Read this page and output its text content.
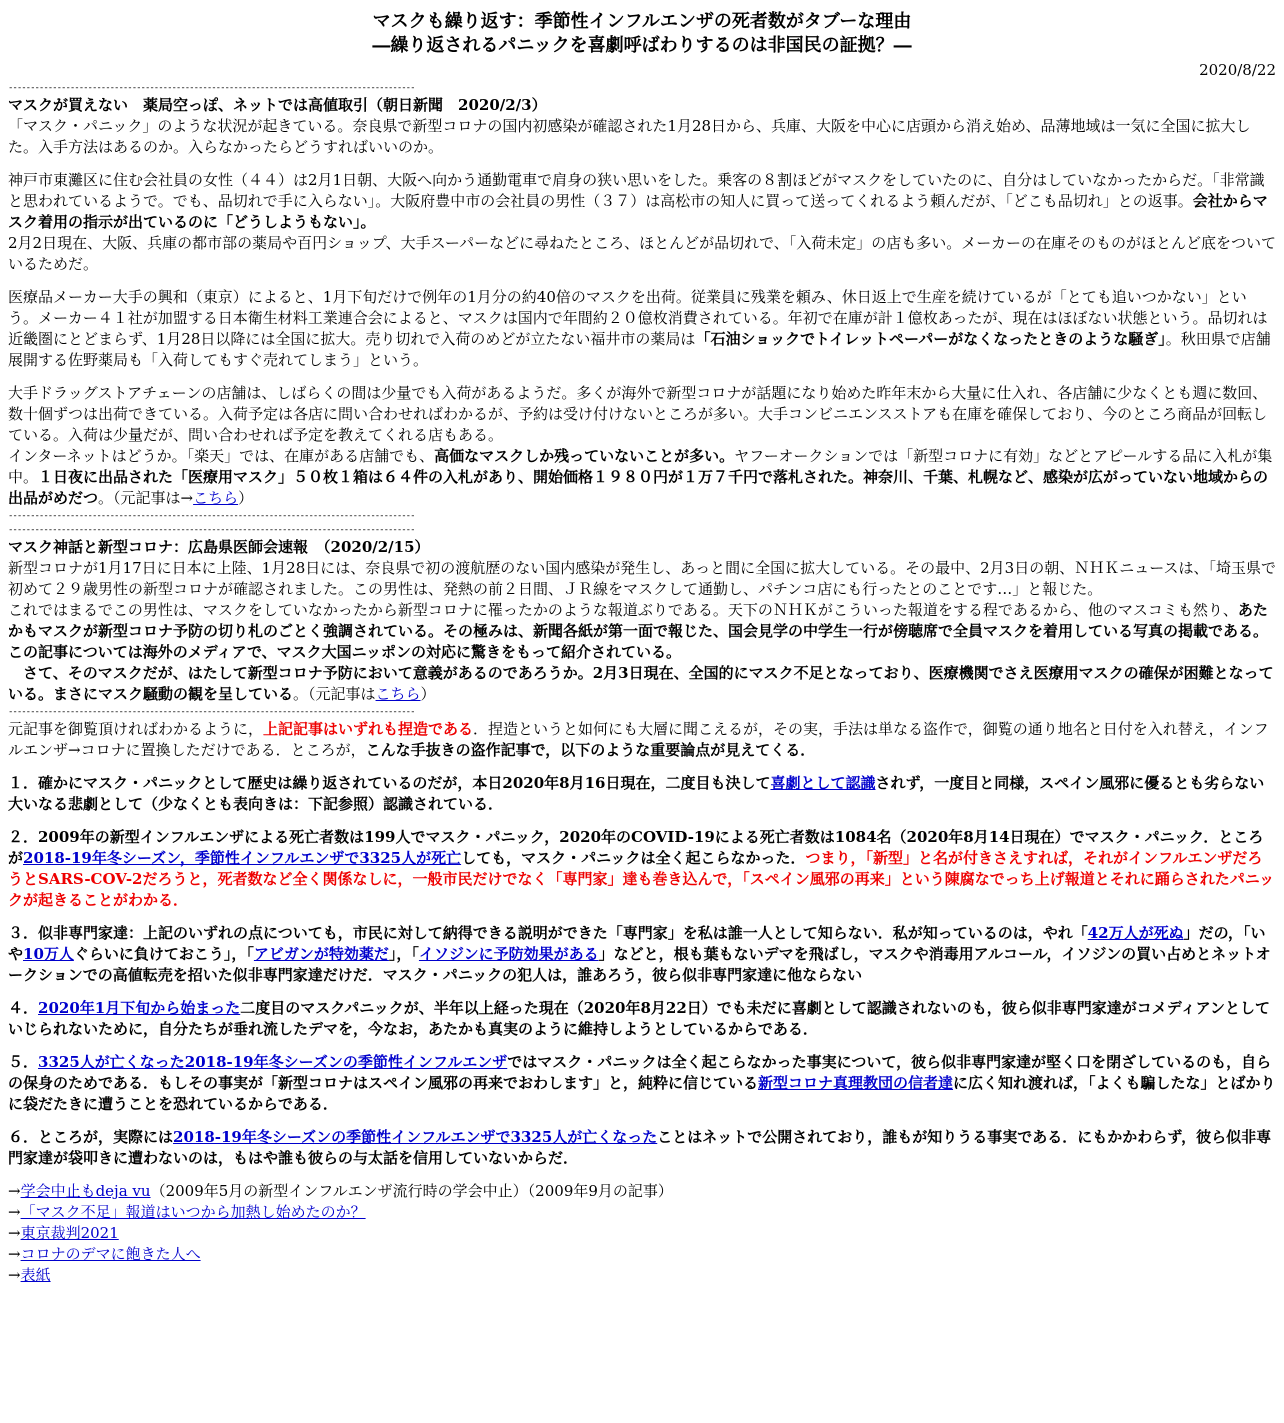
マスクも繰り返す：季節性インフルエンザの死者数がタブーな理由
―繰り返されるパニックを喜劇呼ばわりするのは非国民の証拠？―
2020/8/22
--------------------------------------------------------------------------------------------
マスクが買えない　薬局空っぽ、ネットでは高値取引（朝日新聞　2020/2/3）

「マスク・パニック」のような状況が起きている。奈良県で新型コロナの国内初感染が確認された1月28日から、兵庫、大阪を中心に店頭から消え始め、品薄地域は一気に全国に拡大した。入手方法はあるのか。入らなかったらどうすればいいのか。

神戸市東灘区に住む会社員の女性（４４）は2月1日朝、大阪へ向かう通勤電車で肩身の狭い思いをした。乗客の８割ほどがマスクをしていたのに、自分はしていなかったからだ。「非常識と思われているようで。でも、品切れで手に入らない」。大阪府豊中市の会社員の男性（３７）は高松市の知人に買って送ってくれるよう頼んだが、「どこも品切れ」との返事。会社からマスク着用の指示が出ているのに「どうしようもない」。
2月2日現在、大阪、兵庫の都市部の薬局や百円ショップ、大手スーパーなどに尋ねたところ、ほとんどが品切れで、「入荷未定」の店も多い。メーカーの在庫そのものがほとんど底をついているためだ。

医療品メーカー大手の興和（東京）によると、1月下旬だけで例年の1月分の約40倍のマスクを出荷。従業員に残業を頼み、休日返上で生産を続けているが「とても追いつかない」という。メーカー４１社が加盟する日本衛生材料工業連合会によると、マスクは国内で年間約２０億枚消費されている。年初で在庫が計１億枚あったが、現在はほぼない状態という。品切れは近畿圏にとどまらず、1月28日以降には全国に拡大。売り切れで入荷のめどが立たない福井市の薬局は「石油ショックでトイレットペーパーがなくなったときのような騒ぎ」。秋田県で店舗展開する佐野薬局も「入荷してもすぐ売れてしまう」という。

大手ドラッグストアチェーンの店舗は、しばらくの間は少量でも入荷があるようだ。多くが海外で新型コロナが話題になり始めた昨年末から大量に仕入れ、各店舗に少なくとも週に数回、数十個ずつは出荷できている。入荷予定は各店に問い合わせればわかるが、予約は受け付けないところが多い。大手コンビニエンスストアも在庫を確保しており、今のところ商品が回転している。入荷は少量だが、問い合わせれば予定を教えてくれる店もある。
インターネットはどうか。「楽天」では、在庫がある店舗でも、高価なマスクしか残っていないことが多い。ヤフーオークションでは「新型コロナに有効」などとアピールする品に入札が集中。１日夜に出品された「医療用マスク」５０枚１箱は６４件の入札があり、開始価格１９８０円が１万７千円で落札された。神奈川、千葉、札幌など、感染が広がっていない地域からの出品がめだつ。（元記事は→こちら）

--------------------------------------------------------------------------------------------
--------------------------------------------------------------------------------------------
マスク神話と新型コロナ：広島県医師会速報　（2020/2/15）
新型コロナが1月17日に日本に上陸、1月28日には、奈良県で初の渡航歴のない国内感染が発生し、あっと間に全国に拡大している。その最中、2月3日の朝、ＮＨＫニュースは、「埼玉県で初めて２９歳男性の新型コロナが確認されました。この男性は、発熱の前２日間、ＪＲ線をマスクして通勤し、パチンコ店にも行ったとのことです…」と報じた。
これではまるでこの男性は、マスクをしていなかったから新型コロナに罹ったかのような報道ぶりである。天下のＮＨＫがこういった報道をする程であるから、他のマスコミも然り、あたかもマスクが新型コロナ予防の切り札のごとく強調されている。その極みは、新聞各紙が第一面で報じた、国会見学の中学生一行が傍聴席で全員マスクを着用している写真の掲載である。この記事については海外のメディアで、マスク大国ニッポンの対応に驚きをもって紹介されている。
　さて、そのマスクだが、はたして新型コロナ予防において意義があるのであろうか。2月3日現在、全国的にマスク不足となっており、医療機関でさえ医療用マスクの確保が困難となっている。まさにマスク騒動の観を呈している。（元記事はこちら）
--------------------------------------------------------------------------------------------

元記事を御覧頂ければわかるように，上記記事はいずれも捏造である．捏造というと如何にも大層に聞こえるが，その実，手法は単なる盗作で，御覧の通り地名と日付を入れ替え，インフルエンザ→コロナに置換しただけである．ところが，こんな手抜きの盗作記事で，以下のような重要論点が見えてくる．

１．確かにマスク・パニックとして歴史は繰り返されているのだが，本日2020年8月16日現在，二度目も決して喜劇として認識されず，一度目と同様，スペイン風邪に優るとも劣らない大いなる悲劇として（少なくとも表向きは：下記参照）認識されている．

２．2009年の新型インフルエンザによる死亡者数は199人でマスク・パニック，2020年のCOVID-19による死亡者数は1084名（2020年8月14日現在）でマスク・パニック．ところが2018-19年冬シーズン，季節性インフルエンザで3325人が死亡しても，マスク・パニックは全く起こらなかった．つまり，「新型」と名が付きさえすれば，それがインフルエンザだろうとSARS-COV-2だろうと，死者数など全く関係なしに，一般市民だけでなく「専門家」達も巻き込んで，「スペイン風邪の再来」という陳腐なでっち上げ報道とそれに踊らされたパニックが起きることがわかる．

３．似非専門家達：上記のいずれの点についても，市民に対して納得できる説明ができた「専門家」を私は誰一人として知らない．私が知っているのは，やれ「42万人が死ぬ」だの，「いや10万人ぐらいに負けておこう」，「アビガンが特効薬だ」，「イソジンに予防効果がある」などと，根も葉もないデマを飛ばし，マスクや消毒用アルコール，イソジンの買い占めとネットオークションでの高値転売を招いた似非専門家達だけだ．マスク・パニックの犯人は，誰あろう，彼ら似非専門家達に他ならない

４．2020年1月下旬から始まった二度目のマスクパニックが、半年以上経った現在（2020年8月22日）でも未だに喜劇として認識されないのも，彼ら似非専門家達がコメディアンとしていじられないために，自分たちが垂れ流したデマを，今なお，あたかも真実のように維持しようとしているからである．

５．3325人が亡くなった2018-19年冬シーズンの季節性インフルエンザではマスク・パニックは全く起こらなかった事実について，彼ら似非専門家達が堅く口を閉ざしているのも，自らの保身のためである．もしその事実が「新型コロナはスペイン風邪の再来でおわします」と，純粋に信じている新型コロナ真理教団の信者達に広く知れ渡れば，「よくも騙したな」とばかりに袋だたきに遭うことを恐れているからである．

６．ところが，実際には2018-19年冬シーズンの季節性インフルエンザで3325人が亡くなったことはネットで公開されており，誰もが知りうる事実である．にもかかわらず，彼ら似非専門家達が袋叩きに遭わないのは，もはや誰も彼らの与太話を信用していないからだ．

→学会中止もdeja vu（2009年5月の新型インフルエンザ流行時の学会中止）（2009年9月の記事）

→「マスク不足」報道はいつから加熱し始めたのか？

→東京裁判2021

→コロナのデマに飽きた人へ

→表紙
